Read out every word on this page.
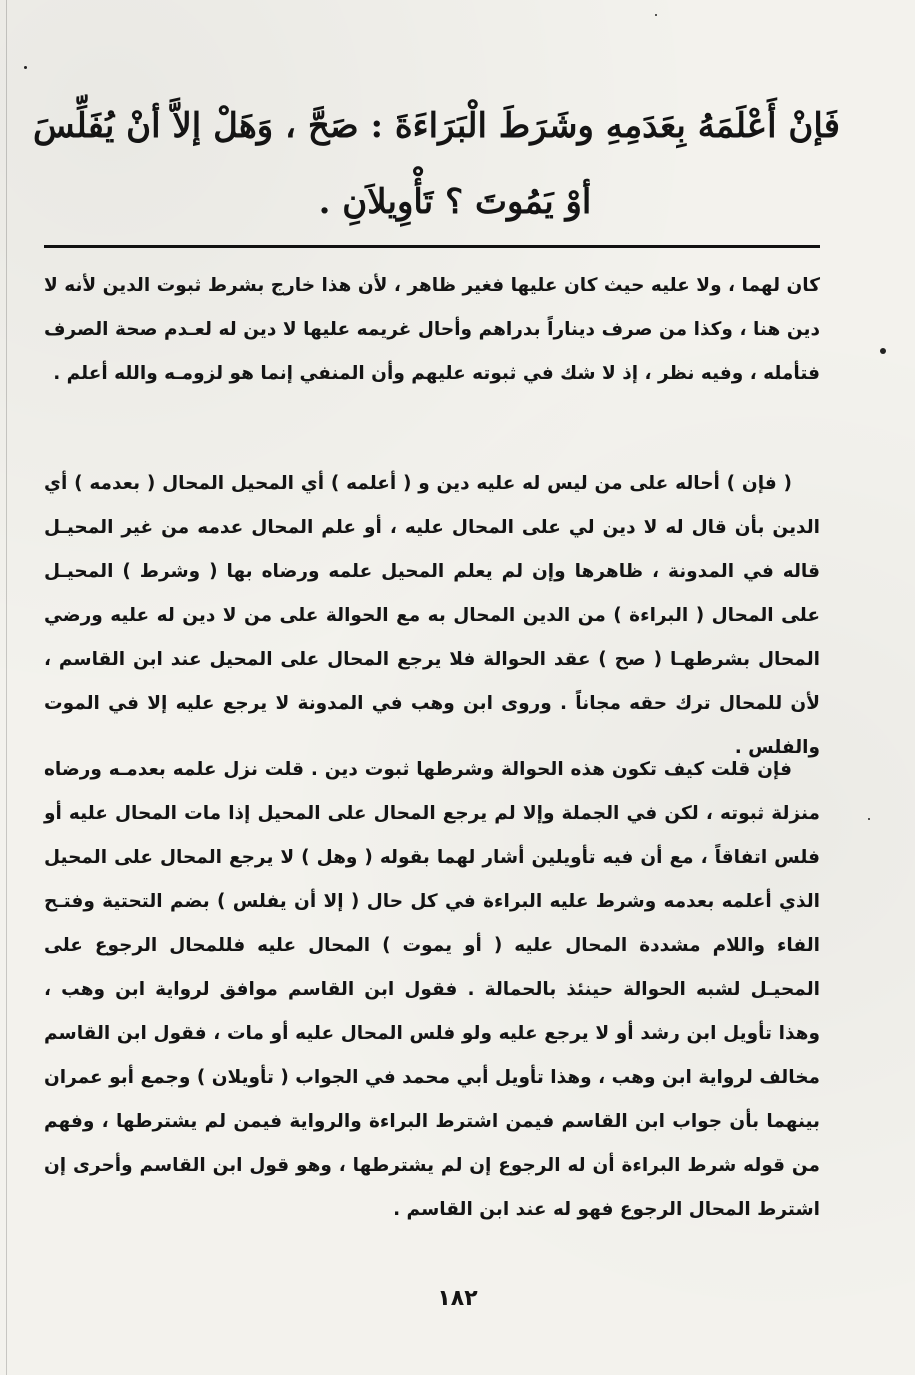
فَإنْ أَعْلَمَهُ بِعَدَمِهِ وشَرَطَ الْبَرَاءَةَ : صَحَّ ، وَهَلْ إلاَّ أنْ يُفَلِّسَ
أوْ يَمُوتَ ؟ تَأْوِيلاَنِ .

كان لهما ، ولا عليه حيث كان عليها فغير ظاهر ، لأن هذا خارج بشرط ثبوت الدين لأنه لا دين هنا ، وكذا من صرف ديناراً بدراهم وأحال غريمه عليها لا دين له لعـدم صحة الصرف فتأمله ، وفيه نظر ، إذ لا شك في ثبوته عليهم وأن المنفي إنما هو لزومـه والله أعلم .

( فإن ) أحاله على من ليس له عليه دين و ( أعلمه ) أي المحيل المحال ( بعدمه ) أي الدين بأن قال له لا دين لي على المحال عليه ، أو علم المحال عدمه من غير المحيـل قاله في المدونة ، ظاهرها وإن لم يعلم المحيل علمه ورضاه بها ( وشرط ) المحيـل على المحال ( البراءة ) من الدين المحال به مع الحوالة على من لا دين له عليه ورضي المحال بشرطهـا ( صح ) عقد الحوالة فلا يرجع المحال على المحيل عند ابن القاسم ، لأن للمحال ترك حقه مجاناً . وروى ابن وهب في المدونة لا يرجع عليه إلا في الموت والفلس .

فإن قلت كيف تكون هذه الحوالة وشرطها ثبوت دين . قلت نزل علمه بعدمـه ورضاه منزلة ثبوته ، لكن في الجملة وإلا لم يرجع المحال على المحيل إذا مات المحال عليه أو فلس اتفاقاً ، مع أن فيه تأويلين أشار لهما بقوله ( وهل ) لا يرجع المحال على المحيل الذي أعلمه بعدمه وشرط عليه البراءة في كل حال ( إلا أن يفلس ) بضم التحتية وفتـح الفاء واللام مشددة المحال عليه ( أو يموت ) المحال عليه فللمحال الرجوع على المحيـل لشبه الحوالة حينئذ بالحمالة . فقول ابن القاسم موافق لرواية ابن وهب ، وهذا تأويل ابن رشد أو لا يرجع عليه ولو فلس المحال عليه أو مات ، فقول ابن القاسم مخالف لرواية ابن وهب ، وهذا تأويل أبي محمد في الجواب ( تأويلان ) وجمع أبو عمران بينهما بأن جواب ابن القاسم فيمن اشترط البراءة والرواية فيمن لم يشترطها ، وفهم من قوله شرط البراءة أن له الرجوع إن لم يشترطها ، وهو قول ابن القاسم وأحرى إن اشترط المحال الرجوع فهو له عند ابن القاسم .

١٨٢
